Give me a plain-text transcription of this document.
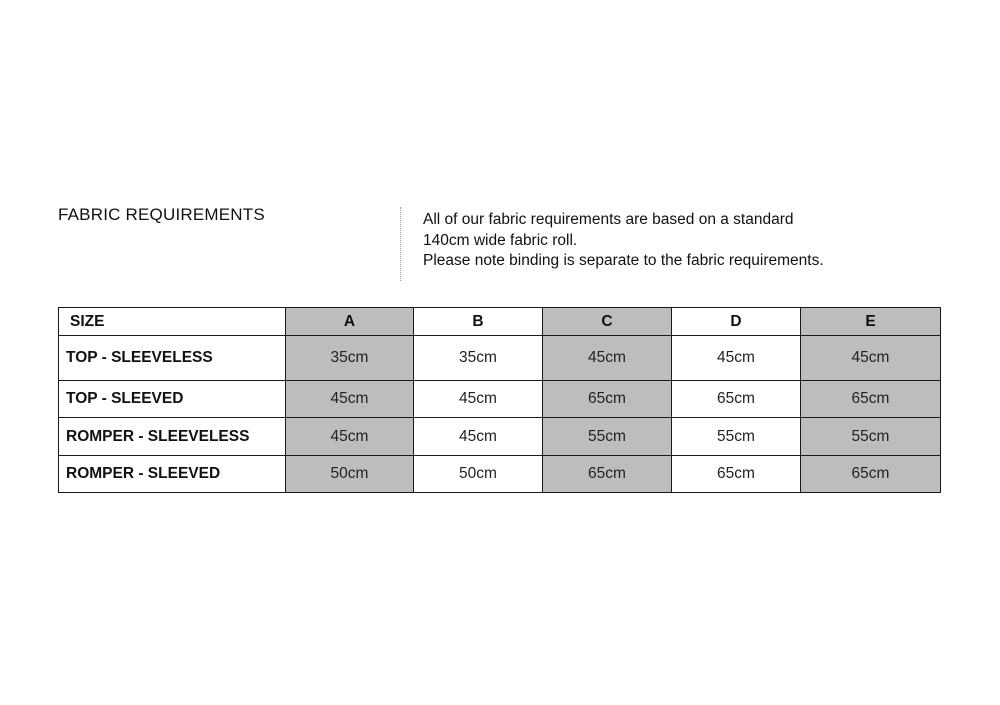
FABRIC REQUIREMENTS	All of our fabric requirements are based on a standard
140cm wide fabric roll.
Please note binding is separate to the fabric requirements.
SIZE	A	B	C	D	E
TOP - SLEEVELESS	35cm	35cm	45cm	45cm	45cm
TOP - SLEEVED	45cm	45cm	65cm	65cm	65cm
ROMPER - SLEEVELESS	45cm	45cm	55cm	55cm	55cm
ROMPER - SLEEVED	50cm	50cm	65cm	65cm	65cm
